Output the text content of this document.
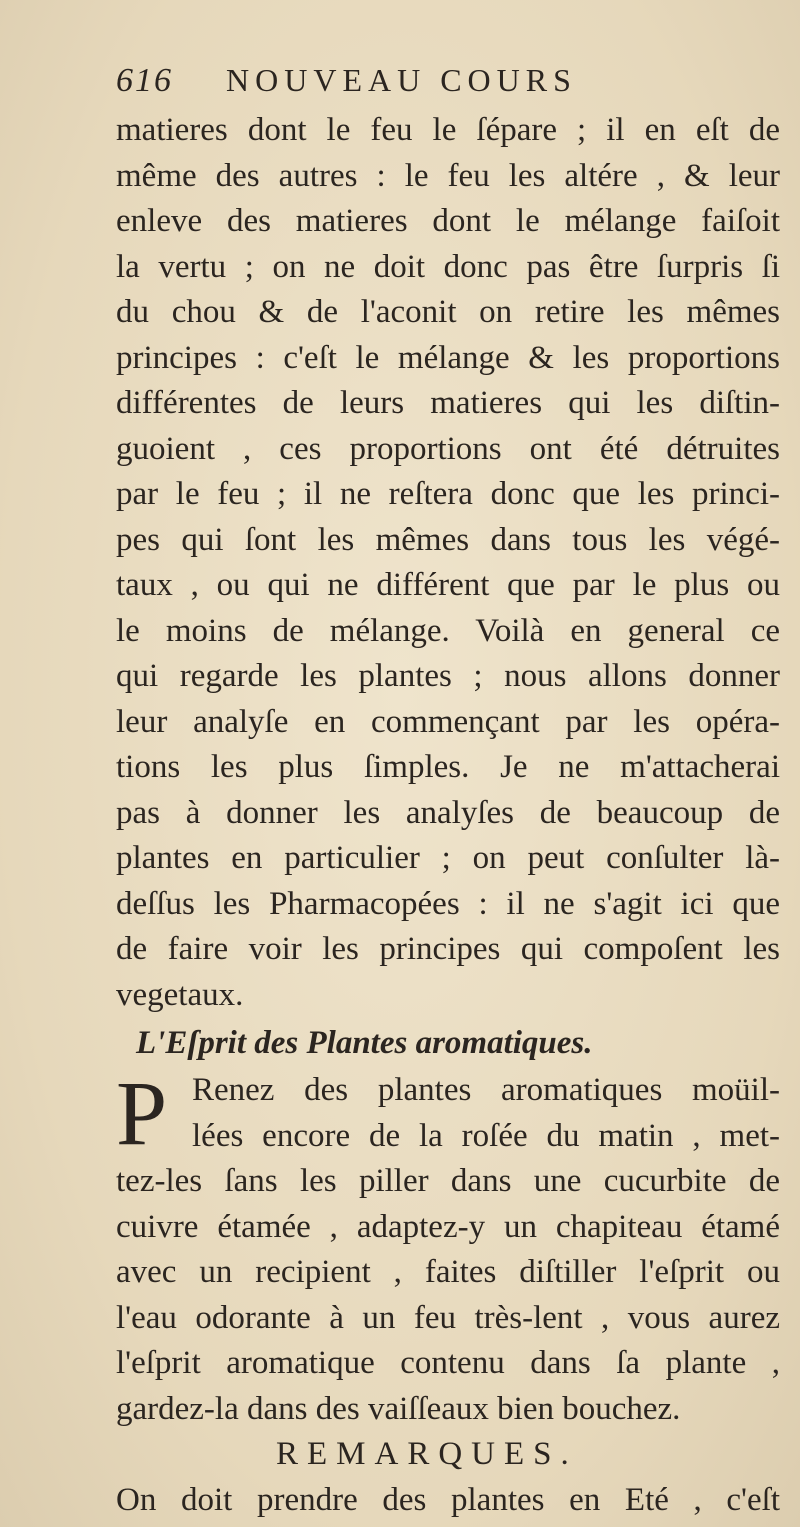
616	NOUVEAU COURS
matieres dont le feu le ſépare ; il en eſt de
même des autres : le feu les altére , & leur
enleve des matieres dont le mélange faiſoit
la vertu ; on ne doit donc pas être ſurpris ſi
du chou & de l'aconit on retire les mêmes
principes : c'eſt le mélange & les proportions
différentes de leurs matieres qui les diſtin-
guoient , ces proportions ont été détruites
par le feu ; il ne reſtera donc que les princi-
pes qui ſont les mêmes dans tous les végé-
taux , ou qui ne différent que par le plus ou
le moins de mélange. Voilà en general ce
qui regarde les plantes ; nous allons donner
leur analyſe en commençant par les opéra-
tions les plus ſimples. Je ne m'attacherai
pas à donner les analyſes de beaucoup de
plantes en particulier ; on peut conſulter là-
deſſus les Pharmacopées : il ne s'agit ici que
de faire voir les principes qui compoſent les
vegetaux.
L'Eſprit des Plantes aromatiques.
P Renez des plantes aromatiques moüil-
lées encore de la roſée du matin , met-
tez-les ſans les piller dans une cucurbite de
cuivre étamée , adaptez-y un chapiteau étamé
avec un recipient , faites diſtiller l'eſprit ou
l'eau odorante à un feu très-lent , vous aurez
l'eſprit aromatique contenu dans ſa plante ,
gardez-la dans des vaiſſeaux bien bouchez.
REMARQUES.
On doit prendre des plantes en Eté , c'eſt
